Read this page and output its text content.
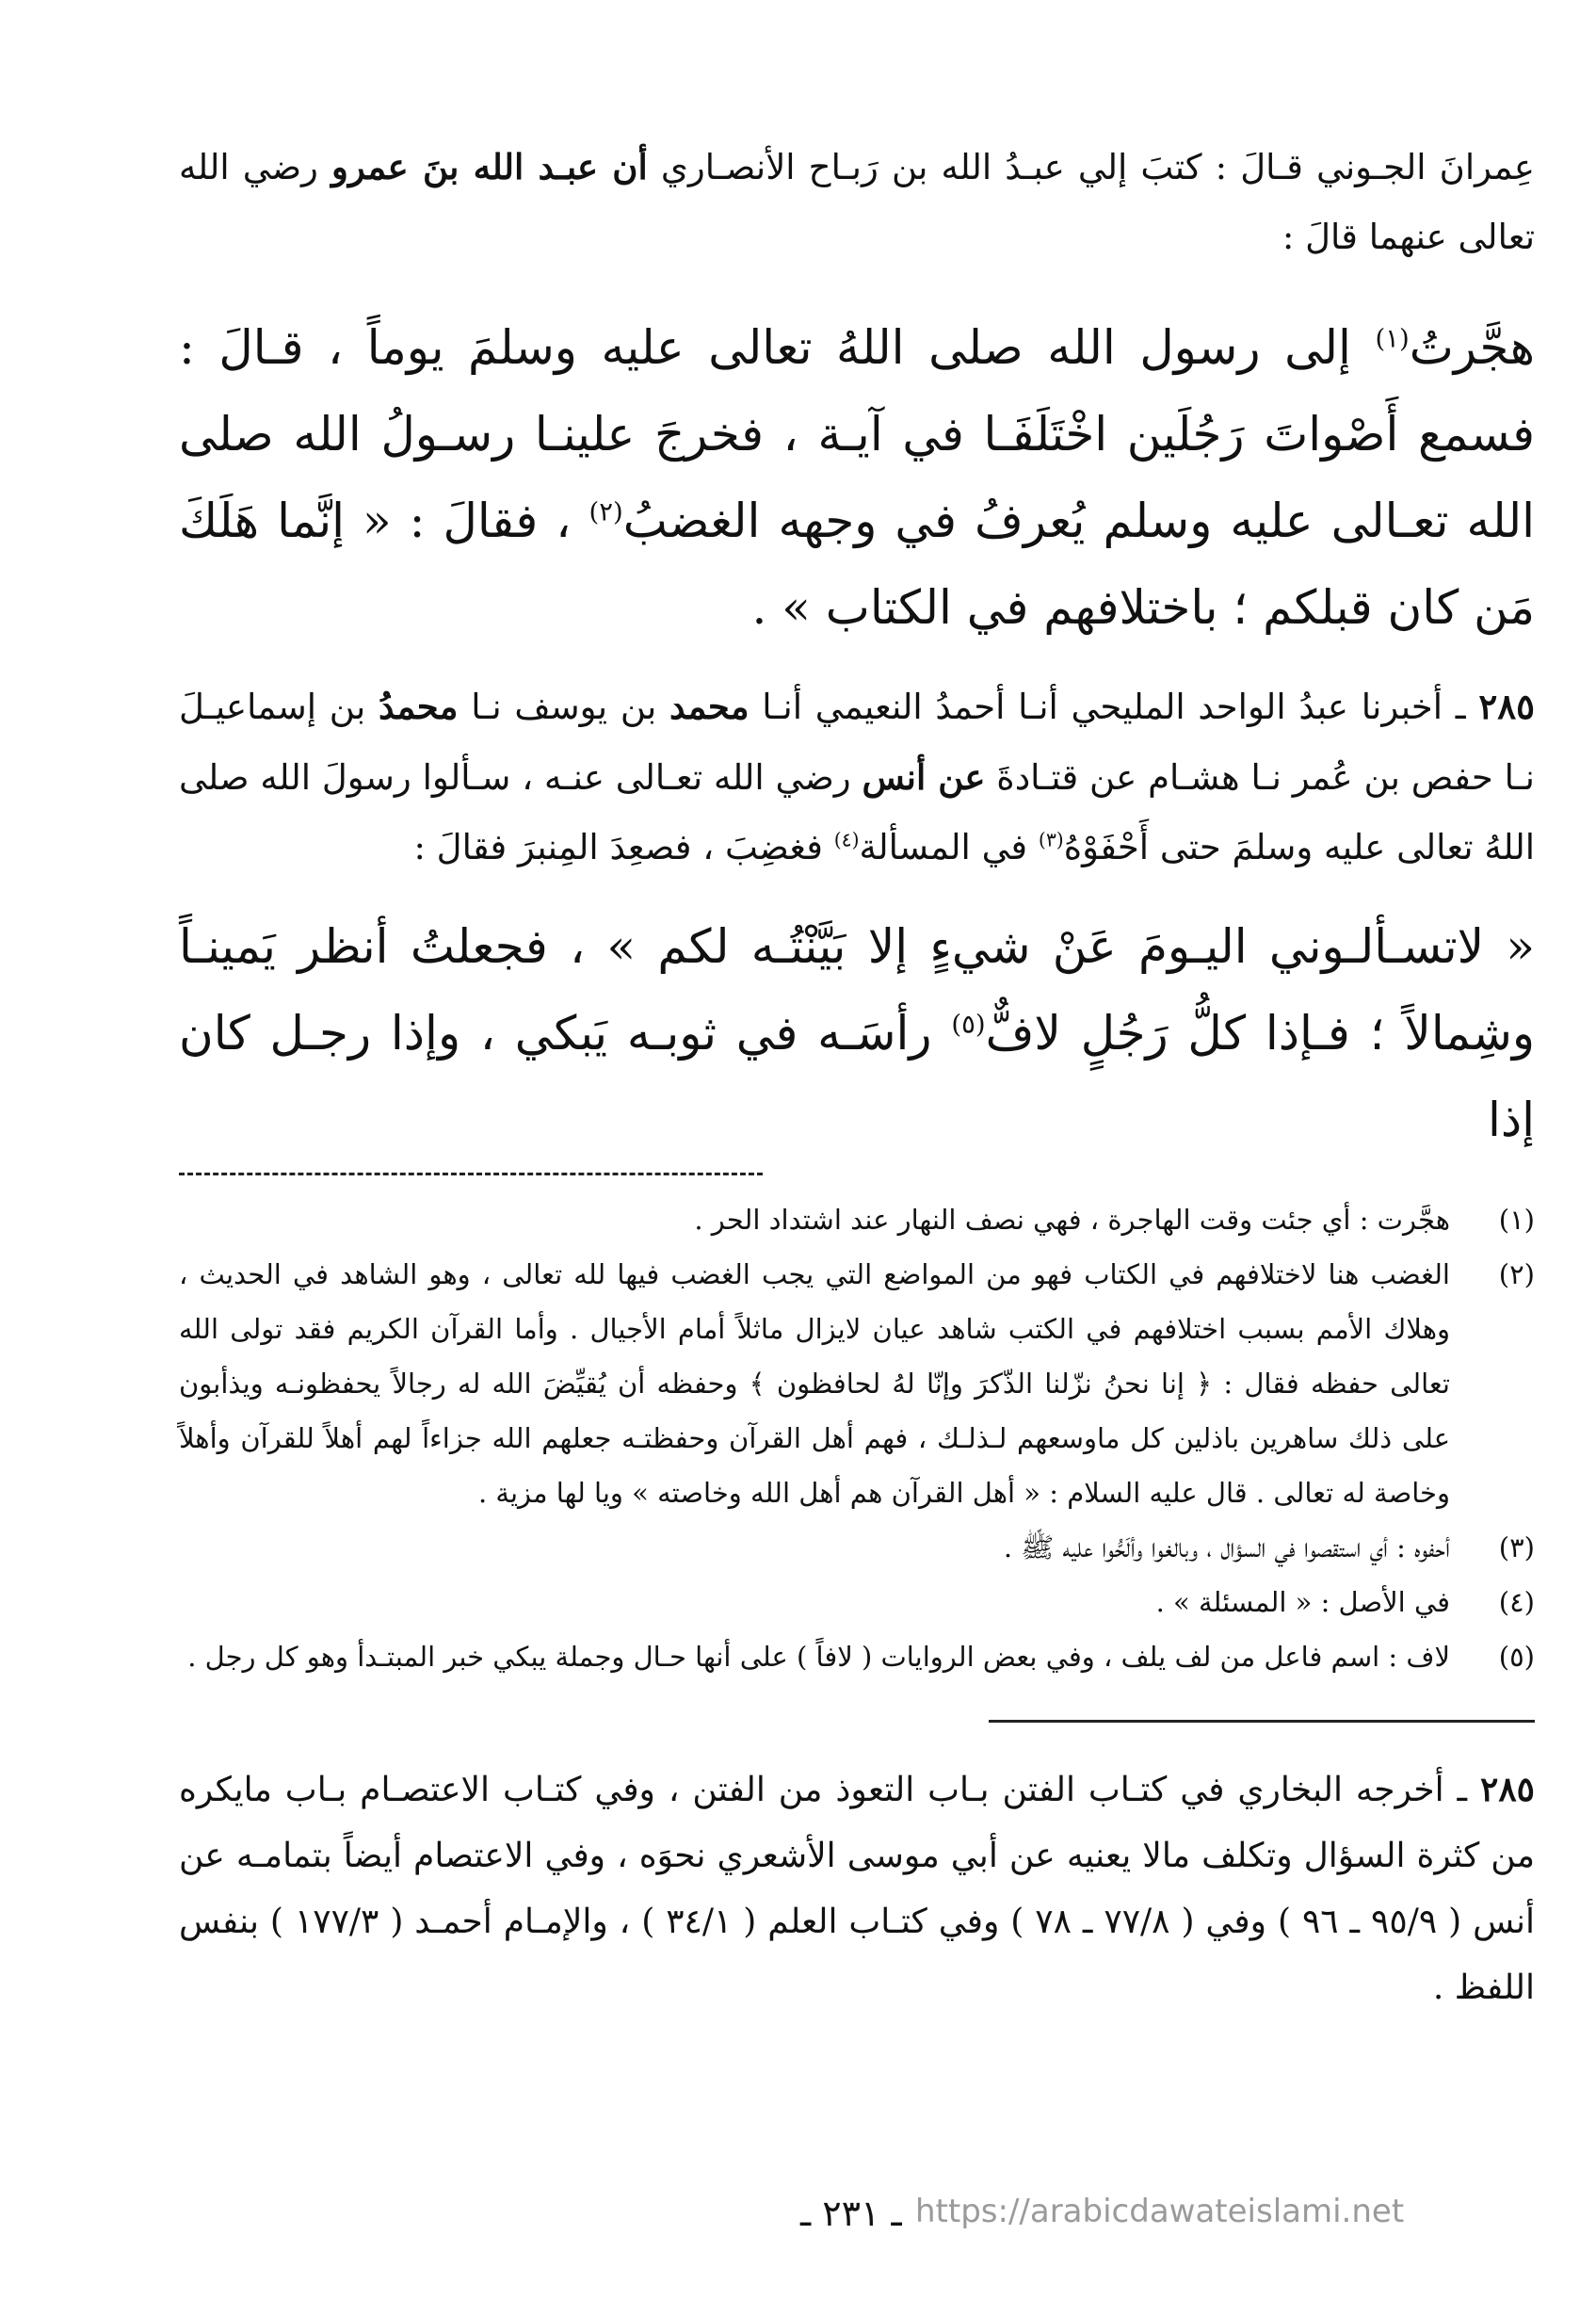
عِمرانَ الجـوني قـالَ : كتبَ إلي عبـدُ الله بن رَبـاح الأنصـاري أن عبـد الله بنَ عمرو رضي الله تعالى عنهما قالَ :

هجَّرتُ$^{(١)}$ إلى رسول الله صلى اللهُ تعالى عليه وسلمَ يوماً ، قـالَ : فسمع أَصْواتَ رَجُلَين اخْتَلَفَـا في آيـة ، فخرجَ علينـا رسـولُ الله صلى الله تعـالى عليه وسلم يُعرفُ في وجهه الغضبُ$^{(٢)}$ ، فقالَ : « إنَّما هَلَكَ مَن كان قبلكم ؛ باختلافهم في الكتاب » .

٢٨٥ ـ أخبرنا عبدُ الواحد المليحي أنـا أحمدُ النعيمي أنـا محمد بن يوسف نـا محمدُ بن إسماعيـلَ نـا حفص بن عُمر نـا هشـام عن قتـادةَ عن أنس رضي الله تعـالى عنـه ، سـألوا رسولَ الله صلى اللهُ تعالى عليه وسلمَ حتى أَحْفَوْهُ$^{(٣)}$ في المسألة$^{(٤)}$ فغضِبَ ، فصعِدَ المِنبرَ فقالَ :

« لاتسـألـوني اليـومَ عَنْ شيءٍ إلا بَيَّنْتُـه لكم » ، فجعلتُ أنظر يَمينـاً وشِمالاً ؛ فـإذا كلُّ رَجُلٍ لافٌّ$^{(٥)}$ رأسَـه في ثوبـه يَبكي ، وإذا رجـل كان إذا

(١)
هجَّرت : أي جئت وقت الهاجرة ، فهي نصف النهار عند اشتداد الحر .
(٢)
الغضب هنا لاختلافهم في الكتاب فهو من المواضع التي يجب الغضب فيها لله تعالى ، وهو الشاهد في الحديث ، وهلاك الأمم بسبب اختلافهم في الكتب شاهد عيان لايزال ماثلاً أمام الأجيال . وأما القرآن الكريم فقد تولى الله تعالى حفظه فقال : ﴿ إنا نحنُ نزّلنا الذّكرَ وإنّا لهُ لحافظون ﴾ وحفظه أن يُقيِّضَ الله له رجالاً يحفظونـه ويذأبون على ذلك ساهرين باذلين كل ماوسعهم لـذلـك ، فهم أهل القرآن وحفظتـه جعلهم الله جزاءاً لهم أهلاً للقرآن وأهلاً وخاصة له تعالى . قال عليه السلام : « أهل القرآن هم أهل الله وخاصته » ويا لها مزية .
(٣)
أحفوه : أي استقصوا في السؤال ، وبالغوا وألَحُّوا عليه ﷺ .
(٤)
في الأصل : « المسئلة » .
(٥)
لاف : اسم فاعل من لف يلف ، وفي بعض الروايات ( لافاً ) على أنها حـال وجملة يبكي خبر المبتـدأ وهو كل رجل .

٢٨٥ ـ أخرجه البخاري في كتـاب الفتن بـاب التعوذ من الفتن ، وفي كتـاب الاعتصـام بـاب مايكره من كثرة السؤال وتكلف مالا يعنيه عن أبي موسى الأشعري نحوَه ، وفي الاعتصام أيضاً بتمامـه عن أنس ( ٩٥/٩ ـ ٩٦ ) وفي ( ٧٧/٨ ـ ٧٨ ) وفي كتـاب العلم ( ٣٤/١ ) ، والإمـام أحمـد ( ١٧٧/٣ ) بنفس اللفظ .

ـ ٢٣١ ـ https://arabicdawateislami.net
